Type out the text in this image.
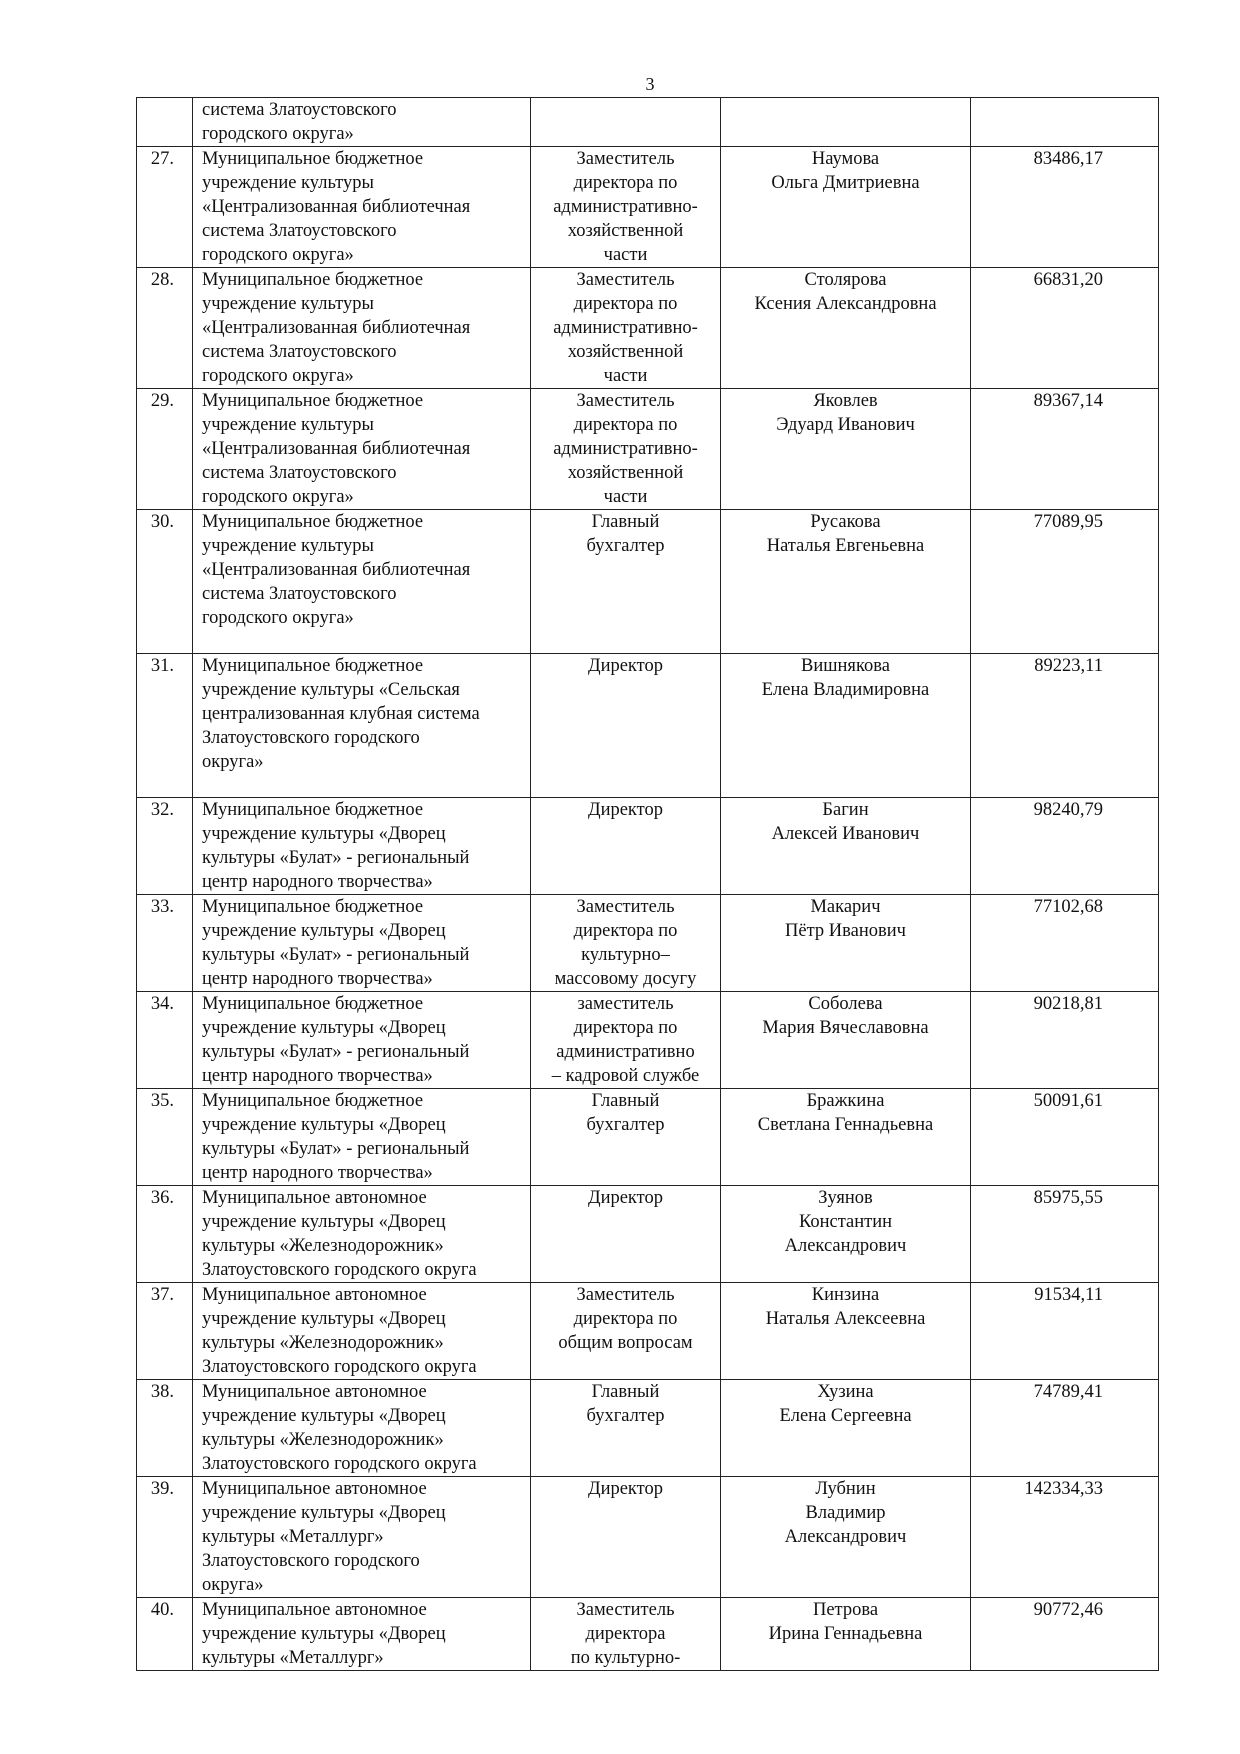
3
	система Златоустовского
городского округа»			
27.	Муниципальное бюджетное
учреждение культуры
«Централизованная библиотечная
система Златоустовского
городского округа»	Заместитель
директора по
административно-
хозяйственной
части	Наумова
Ольга Дмитриевна	83486,17
28.	Муниципальное бюджетное
учреждение культуры
«Централизованная библиотечная
система Златоустовского
городского округа»	Заместитель
директора по
административно-
хозяйственной
части	Столярова
Ксения Александровна	66831,20
29.	Муниципальное бюджетное
учреждение культуры
«Централизованная библиотечная
система Златоустовского
городского округа»	Заместитель
директора по
административно-
хозяйственной
части	Яковлев
Эдуард Иванович	89367,14
30.	Муниципальное бюджетное
учреждение культуры
«Централизованная библиотечная
система Златоустовского
городского округа»	Главный
бухгалтер	Русакова
Наталья Евгеньевна	77089,95
31.	Муниципальное бюджетное
учреждение культуры «Сельская
централизованная клубная система
Златоустовского городского
округа»	Директор	Вишнякова
Елена Владимировна	89223,11
32.	Муниципальное бюджетное
учреждение культуры «Дворец
культуры «Булат» - региональный
центр народного творчества»	Директор	Багин
Алексей Иванович	98240,79
33.	Муниципальное бюджетное
учреждение культуры «Дворец
культуры «Булат» - региональный
центр народного творчества»	Заместитель
директора по
культурно–
массовому досугу	Макарич
Пётр Иванович	77102,68
34.	Муниципальное бюджетное
учреждение культуры «Дворец
культуры «Булат» - региональный
центр народного творчества»	заместитель
директора по
административно
– кадровой службе	Соболева
Мария Вячеславовна	90218,81
35.	Муниципальное бюджетное
учреждение культуры «Дворец
культуры «Булат» - региональный
центр народного творчества»	Главный
бухгалтер	Бражкина
Светлана Геннадьевна	50091,61
36.	Муниципальное автономное
учреждение культуры «Дворец
культуры «Железнодорожник»
Златоустовского городского округа	Директор	Зуянов
Константин
Александрович	85975,55
37.	Муниципальное автономное
учреждение культуры «Дворец
культуры «Железнодорожник»
Златоустовского городского округа	Заместитель
директора по
общим вопросам	Кинзина
Наталья Алексеевна	91534,11
38.	Муниципальное автономное
учреждение культуры «Дворец
культуры «Железнодорожник»
Златоустовского городского округа	Главный
бухгалтер	Хузина
Елена Сергеевна	74789,41
39.	Муниципальное автономное
учреждение культуры «Дворец
культуры «Металлург»
Златоустовского городского
округа»	Директор	Лубнин
Владимир
Александрович	142334,33
40.	Муниципальное автономное
учреждение культуры «Дворец
культуры «Металлург»	Заместитель
директора
по культурно-	Петрова
Ирина Геннадьевна	90772,46
